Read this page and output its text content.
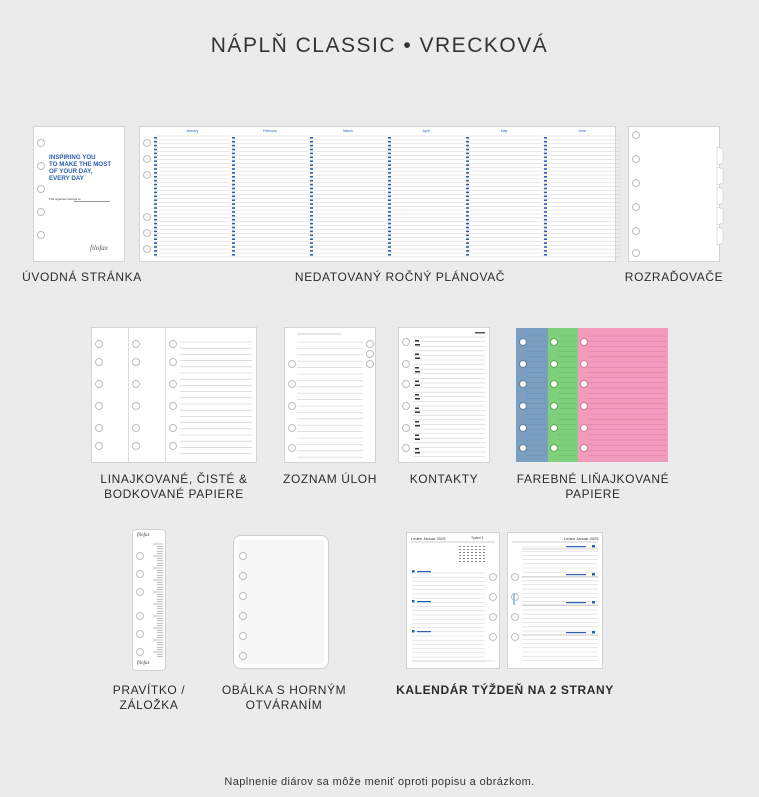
NÁPLŇ CLASSIC • VRECKOVÁ
INSPIRING YOU
TO MAKE THE MOST
OF YOUR DAY,
EVERY DAY
This organiser belongs to
filofax
ÚVODNÁ STRÁNKA
January	February	March	April	May	June
NEDATOVANÝ ROČNÝ PLÁNOVAČ	ROZRAĎOVAČE
LINAJKOVANÉ, ČISTÉ &
BODKOVANÉ PAPIERE
ZOZNAM ÚLOH	KONTAKTY	FAREBNÉ LIŇAJKOVANÉ
PAPIERE
filofax
filofax
PRAVÍTKO /
ZÁLOŽKA
OBÁLKA S HORNÝM
OTVÁRANÍM
Leden Január 2025	Týden 1	Leden Január 2025
KALENDÁR TÝŽDEŇ NA 2 STRANY
Naplnenie diárov sa môže meniť oproti popisu a obrázkom.
